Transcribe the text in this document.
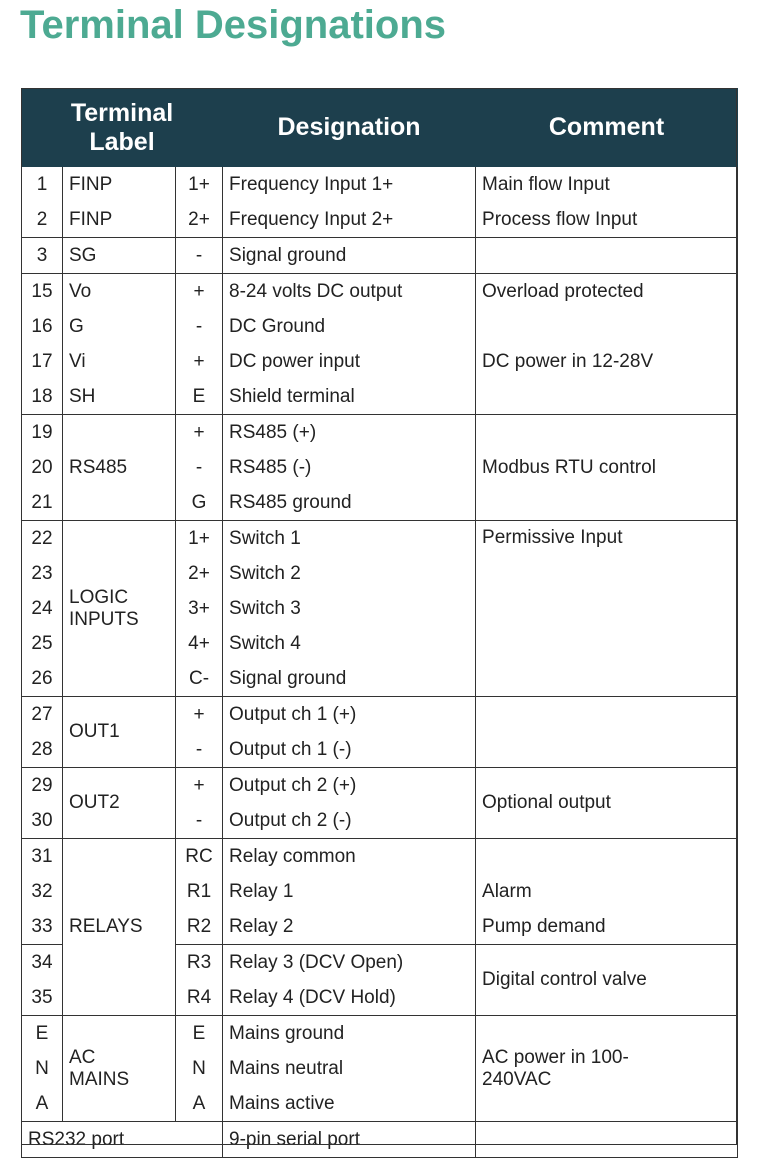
Terminal Designations
Terminal Label			Designation	Comment
1	FINP	1+	Frequency Input 1+	Main flow Input
2	FINP	2+	Frequency Input 2+	Process flow Input
3	SG	-	Signal ground	
15	Vo	+	8-24 volts DC output	Overload protected
16	G	-	DC Ground	
17	Vi	+	DC power input	DC power in 12-28V
18	SH	E	Shield terminal	
19	RS485	+	RS485 (+)	Modbus RTU control
20		-	RS485 (-)	
21		G	RS485 ground	
22	LOGIC INPUTS	1+	Switch 1	Permissive Input
23		2+	Switch 2	
24		3+	Switch 3	
25		4+	Switch 4	
26		C-	Signal ground	
27	OUT1	+	Output ch 1 (+)	
28		-	Output ch 1 (-)	
29	OUT2	+	Output ch 2 (+)	Optional output
30		-	Output ch 2 (-)	
31	RELAYS	RC	Relay common	
32		R1	Relay 1	Alarm
33		R2	Relay 2	Pump demand
34		R3	Relay 3 (DCV Open)	Digital control valve
35		R4	Relay 4 (DCV Hold)	
E	AC MAINS	E	Mains ground	AC power in 100-240VAC

N		N	Mains neutral	
A		A	Mains active	
RS232 port			9-pin serial port	
